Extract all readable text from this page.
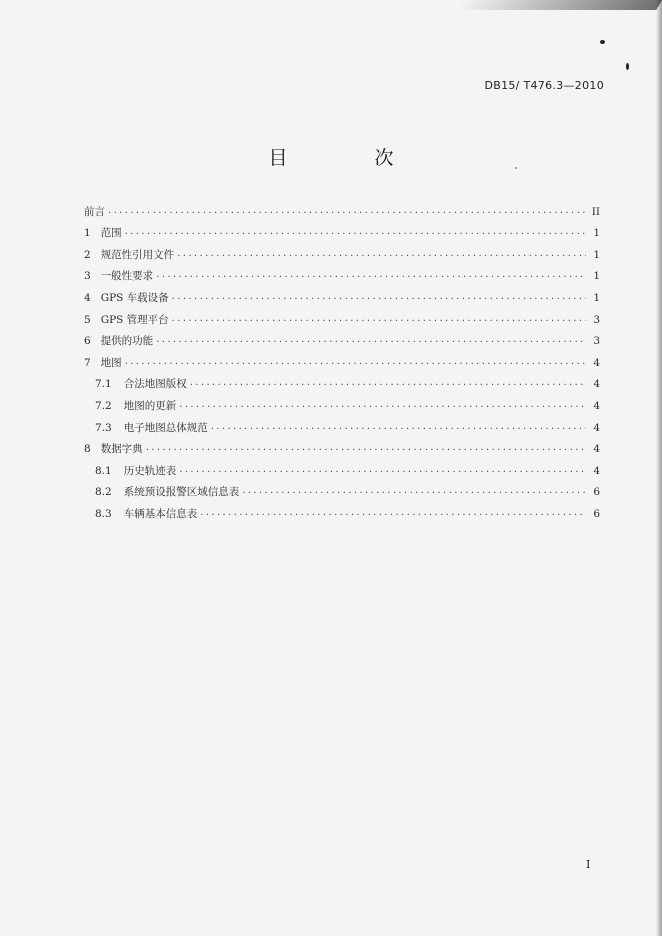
DB15/ T476.3—2010
目　次
前言 .....	II
1 范围 .....	1
2 规范性引用文件 .....	1
3 一般性要求 .....	1
4 GPS 车载设备 .....	1
5 GPS 管理平台 .....	3
6 提供的功能 .....	3
7 地图 .....	4
7.1 合法地图版权 .....	4
7.2 地图的更新 .....	4
7.3 电子地图总体规范 .....	4
8 数据字典 .....	4
8.1 历史轨迹表 .....	4
8.2 系统预设报警区域信息表 .....	6
8.3 车辆基本信息表 .....	6
I
